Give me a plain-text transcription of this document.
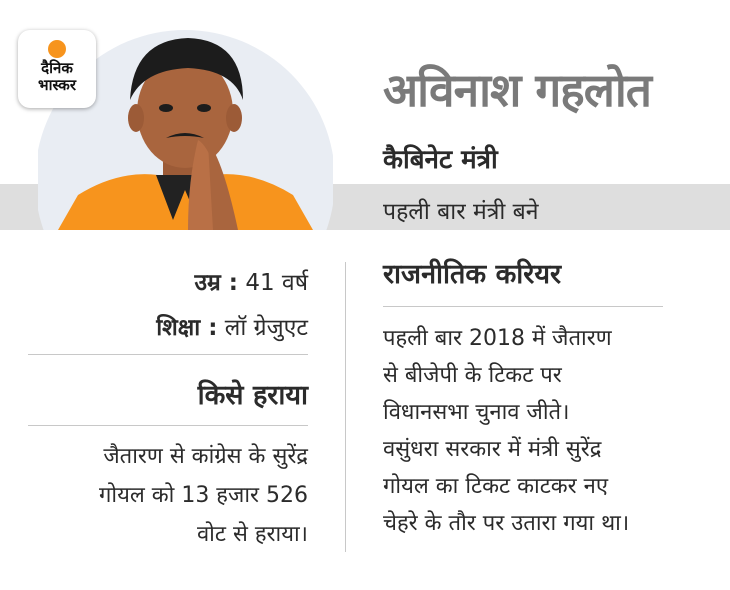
दैनिक
भास्कर	अविनाश गहलोत
कैबिनेट मंत्री
पहली बार मंत्री बने
उम्र : 41 वर्ष
शिक्षा : लॉ ग्रेजुएट
किसे हराया
जैतारण से कांग्रेस के सुरेंद्र
गोयल को 13 हजार 526
वोट से हराया।
राजनीतिक करियर
पहली बार 2018 में जैतारण
से बीजेपी के टिकट पर
विधानसभा चुनाव जीते।
वसुंधरा सरकार में मंत्री सुरेंद्र
गोयल का टिकट काटकर नए
चेहरे के तौर पर उतारा गया था।
